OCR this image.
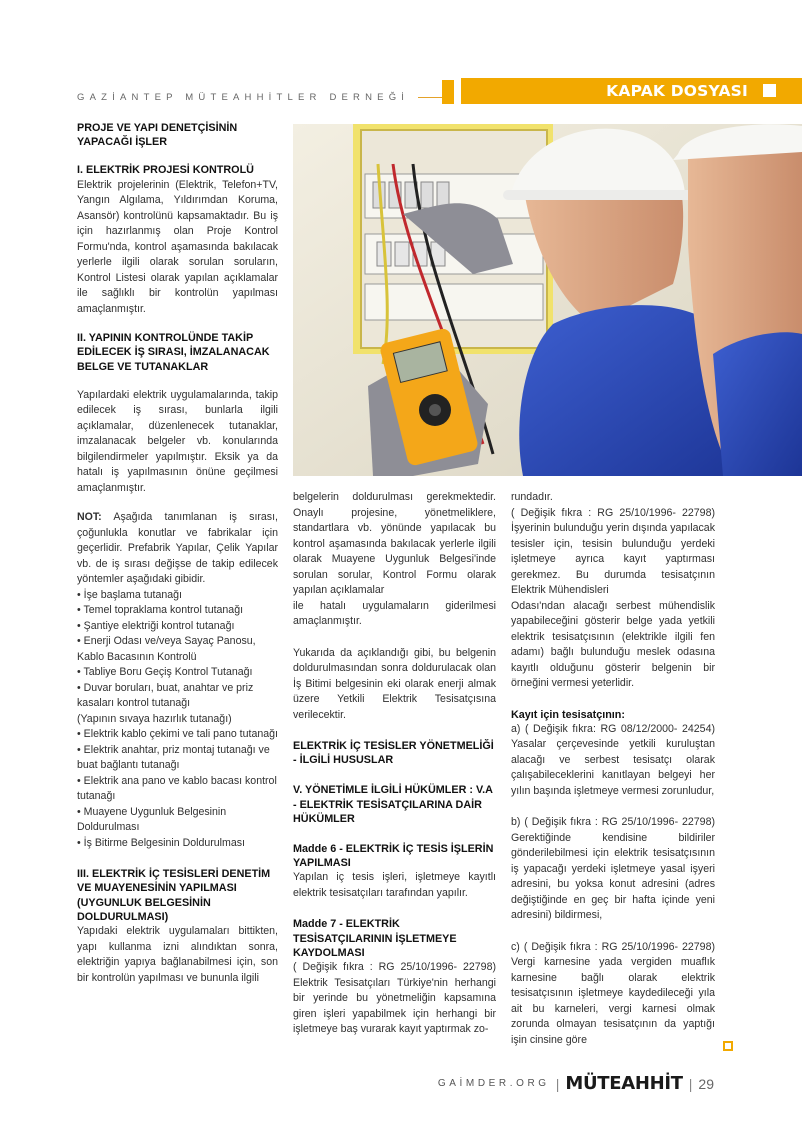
GAZİANTEP MÜTEAHHİTLER DERNEĞİ	KAPAK DOSYASI

PROJE VE YAPI DENETÇİSİNİN YAPACAĞI İŞLER

I. ELEKTRİK PROJESİ KONTROLÜ

Elektrik projelerinin (Elektrik, Telefon+TV, Yangın Algılama, Yıldırımdan Koruma, Asansör) kontrolünü kapsamaktadır. Bu iş için hazırlanmış olan Proje Kontrol Formu'nda, kontrol aşamasında bakılacak yerlerle ilgili olarak sorulan soruların, Kontrol Listesi olarak yapılan açıklamalar ile sağlıklı bir kontrolün yapılması amaçlanmıştır.

II. YAPININ KONTROLÜNDE TAKİP EDİLECEK İŞ SIRASI, İMZALANACAK BELGE VE TUTANAKLAR

Yapılardaki elektrik uygulamalarında, takip edilecek iş sırası, bunlarla ilgili açıklamalar, düzenlenecek tutanaklar, imzalanacak belgeler vb. konularında bilgilendirmeler yapılmıştır. Eksik ya da hatalı iş yapılmasının önüne geçilmesi amaçlanmıştır.

NOT: Aşağıda tanımlanan iş sırası, çoğunlukla konutlar ve fabrikalar için geçerlidir. Prefabrik Yapılar, Çelik Yapılar vb. de iş sırası değişse de takip edilecek yöntemler aşağıdaki gibidir.

• İşe başlama tutanağı

• Temel topraklama kontrol tutanağı

• Şantiye elektriği kontrol tutanağı

• Enerji Odası ve/veya Sayaç Panosu, Kablo Bacasının Kontrolü

• Tabliye Boru Geçiş Kontrol Tutanağı

• Duvar boruları, buat, anahtar ve priz kasaları kontrol tutanağı

(Yapının sıvaya hazırlık tutanağı)

• Elektrik kablo çekimi ve tali pano tutanağı

• Elektrik anahtar, priz montaj tutanağı ve buat bağlantı tutanağı

• Elektrik ana pano ve kablo bacası kontrol tutanağı

• Muayene Uygunluk Belgesinin Doldurulması

• İş Bitirme Belgesinin Doldurulması

III. ELEKTRİK İÇ TESİSLERİ DENETİM VE MUAYENESİNİN YAPILMASI (UYGUNLUK BELGESİNİN DOLDURULMASI)

Yapıdaki elektrik uygulamaları bittikten, yapı kullanma izni alındıktan sonra, elektriğin yapıya bağlanabilmesi için, son bir kontrolün yapılması ve bununla ilgili

belgelerin doldurulması gerekmektedir. Onaylı projesine, yönetmeliklere, standartlara vb. yönünde yapılacak bu kontrol aşamasında bakılacak yerlerle ilgili olarak Muayene Uygunluk Belgesi'inde sorulan sorular, Kontrol Formu olarak yapılan açıklamalar

ile hatalı uygulamaların giderilmesi amaçlanmıştır.

Yukarıda da açıklandığı gibi, bu belgenin doldurulmasından sonra doldurulacak olan İş Bitimi belgesinin eki olarak enerji almak üzere Yetkili Elektrik Tesisatçısına verilecektir.

ELEKTRİK İÇ TESİSLER YÖNETMELİĞİ - İLGİLİ HUSUSLAR

V. YÖNETİMLE İLGİLİ HÜKÜMLER : V.A - ELEKTRİK TESİSATÇILARINA DAİR HÜKÜMLER

Madde 6 - ELEKTRİK İÇ TESİS İŞLERİN YAPILMASI

Yapılan iç tesis işleri, işletmeye kayıtlı elektrik tesisatçıları tarafından yapılır.

Madde 7 - ELEKTRİK TESİSATÇILARININ İŞLETMEYE KAYDOLMASI

( Değişik fıkra : RG 25/10/1996- 22798) Elektrik Tesisatçıları Türkiye'nin herhangi bir yerinde bu yönetmeliğin kapsamına giren işleri yapabilmek için herhangi bir işletmeye baş vurarak kayıt yaptırmak zo-

rundadır.

( Değişik fıkra : RG 25/10/1996- 22798) İşyerinin bulunduğu yerin dışında yapılacak tesisler için, tesisin bulunduğu yerdeki işletmeye ayrıca kayıt yaptırması gerekmez. Bu durumda tesisatçının Elektrik Mühendisleri

Odası'ndan alacağı serbest mühendislik yapabileceğini gösterir belge yada yetkili elektrik tesisatçısının (elektrikle ilgili fen adamı) bağlı bulunduğu meslek odasına kayıtlı olduğunu gösterir belgenin bir örneğini vermesi yeterlidir.

Kayıt için tesisatçının:

a) ( Değişik fıkra: RG 08/12/2000- 24254) Yasalar çerçevesinde yetkili kuruluştan alacağı ve serbest tesisatçı olarak çalışabileceklerini kanıtlayan belgeyi her yılın başında işletmeye vermesi zorunludur,

b) ( Değişik fıkra : RG 25/10/1996- 22798) Gerektiğinde kendisine bildiriler gönderilebilmesi için elektrik tesisatçısının iş yapacağı yerdeki işletmeye yasal işyeri adresini, bu yoksa konut adresini (adres değiştiğinde en geç bir hafta içinde yeni adresini) bildirmesi,

c) ( Değişik fıkra : RG 25/10/1996- 22798) Vergi karnesine yada vergiden muaflık karnesine bağlı olarak elektrik tesisatçısının işletmeye kaydedileceği yıla ait bu karneleri, vergi karnesi olmak zorunda olmayan tesisatçının da yaptığı işin cinsine göre

GAİMDER.ORG | MÜTEAHHİT | 29
